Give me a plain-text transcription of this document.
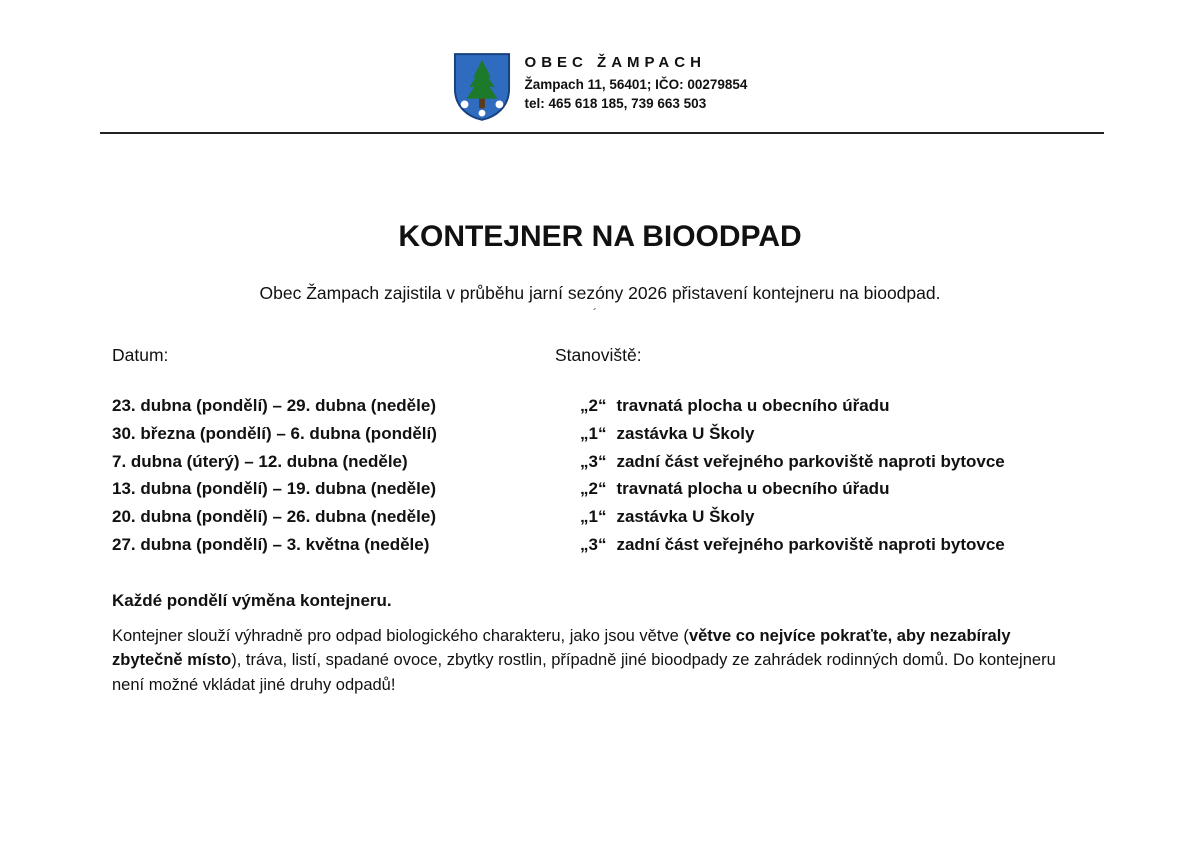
OBEC ŽAMPACH
Žampach 11, 56401; IČO: 00279854
tel: 465 618 185, 739 663 503
KONTEJNER NA BIOODPAD
Obec Žampach zajistila v průběhu jarní sezóny 2026 přistavení kontejneru na bioodpad.
´
Datum:	Stanoviště:
23. dubna (pondělí) – 29. dubna (neděle)	„2“ travnatá plocha u obecního úřadu
30. března (pondělí) – 6. dubna (pondělí)	„1“ zastávka U Školy
7. dubna (úterý) – 12. dubna (neděle)	„3“ zadní část veřejného parkoviště naproti bytovce
13. dubna (pondělí) – 19. dubna (neděle)	„2“ travnatá plocha u obecního úřadu
20. dubna (pondělí) – 26. dubna (neděle)	„1“ zastávka U Školy
27. dubna (pondělí) – 3. května (neděle)	„3“ zadní část veřejného parkoviště naproti bytovce
Každé pondělí výměna kontejneru.
Kontejner slouží výhradně pro odpad biologického charakteru, jako jsou větve (větve co nejvíce pokraťte, aby nezabíraly zbytečně místo), tráva, listí, spadané ovoce, zbytky rostlin, případně jiné bioodpady ze zahrádek rodinných domů. Do kontejneru není možné vkládat jiné druhy odpadů!
